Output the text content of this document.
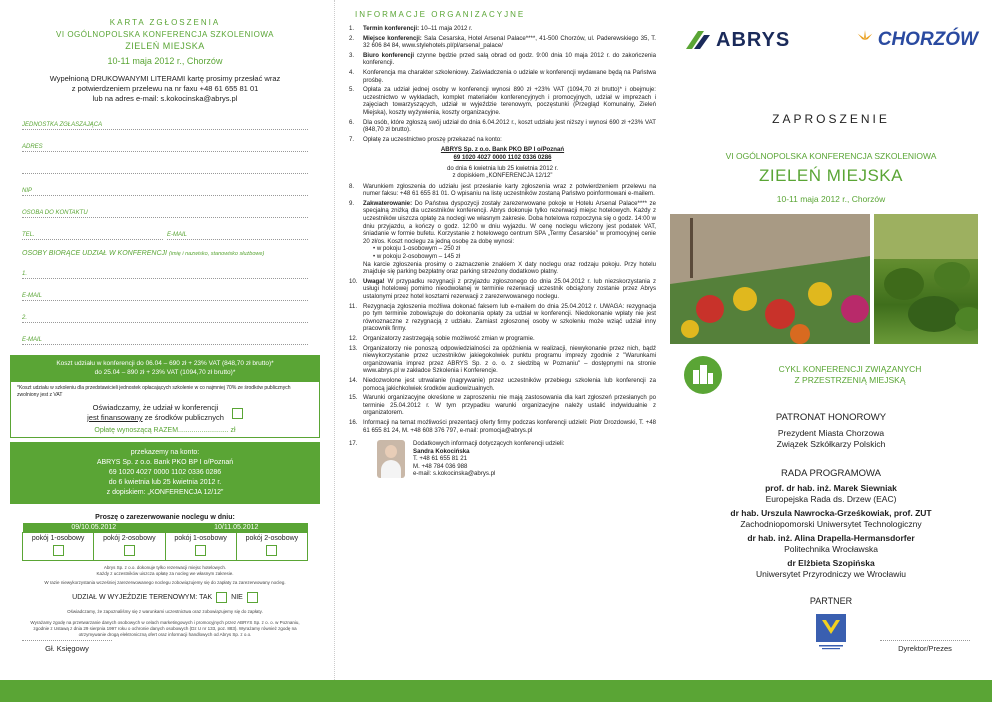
KARTA ZGŁOSZENIA
VI OGÓLNOPOLSKA KONFERENCJA SZKOLENIOWA
ZIELEŃ MIEJSKA
10-11 maja 2012 r., Chorzów
Wypełnioną DRUKOWANYMI LITERAMI kartę prosimy przesłać wraz
z potwierdzeniem przelewu na nr faxu +48 61 655 81 01
lub na adres e-mail: s.kokocinska@abrys.pl
JEDNOSTKA ZGŁASZAJĄCA
ADRES
NIP
OSOBA DO KONTAKTU
TEL.	E-MAIL
OSOBY BIORĄCE UDZIAŁ W KONFERENCJI (imię i nazwisko, stanowisko służbowe)
1.
E-MAIL
2.
E-MAIL
Koszt udziału w konferencji do 06.04 – 690 zł + 23% VAT (848,70 zł brutto)*
do 25.04 – 890 zł + 23% VAT (1094,70 zł brutto)*
*Koszt udziału w szkoleniu dla przedstawicieli jednostek opłacających szkolenie w co najmniej 70% ze środków publicznych zwolniony jest z VAT
Oświadczamy, że udział w konferencji
jest finansowany ze środków publicznych
Opłatę wynoszącą RAZEM.......................... zł
przekazemy na konto:
ABRYS Sp. z o.o. Bank PKO BP I o/Poznań
69 1020 4027 0000 1102 0336 0286
do 6 kwietnia lub 25 kwietnia 2012 r.
z dopiskiem: „KONFERENCJA 12/12”
Proszę o zarezerwowanie noclegu w dniu:
09/10.05.2012		10/11.05.2012	
pokój 1-osobowy	pokój 2-osobowy	pokój 1-osobowy	pokój 2-osobowy
Abrys Sp. z o.o. dokonuje tylko rezerwacji miejsc hotelowych.
Każdy z uczestników uiszcza opłatę za nocleg we własnym zakresie.
W razie niewykorzystania wcześniej zarezerwowanego noclegu zobowiązujemy się do zapłaty za zarezerwowany nocleg.
UDZIAŁ W WYJEŹDZIE TERENOWYM: TAK	NIE
Oświadczamy, że zapoznaliśmy się z warunkami uczestnictwa oraz zobowiązujemy się do zapłaty.
Wyrażamy zgodę na przetwarzanie danych osobowych w celach marketingowych i promocyjnych przez ABRYS Sp. z o. o. w Poznaniu, zgodnie z Ustawą z dnia 29 sierpnia 1997 roku o ochronie danych osobowych (Dz U nr 133, poz. 883). Wyrażamy również zgodę na otrzymywanie drogą elektroniczną ofert oraz informacji handlowych od Abrys Sp. z o.o.
Gł. Księgowy	Dyrektor/Prezes
INFORMACJE ORGANIZACYJNE
1.	Termin konferencji: 10–11 maja 2012 r.
2.	Miejsce konferencji: Sala Cesarska, Hotel Arsenal Palace****, 41-500 Chorzów, ul. Paderewskiego 35, T. 32 606 84 84, www.stylehotels.pl/pl/arsenal_palace/
3.	Biuro konferencji czynne będzie przed salą obrad od godz. 9:00 dnia 10 maja 2012 r. do zakończenia konferencji.
4.	Konferencja ma charakter szkoleniowy. Zaświadczenia o udziale w konferencji wydawane będą na Państwa prośbę.
5.	Opłata za udział jednej osoby w konferencji wynosi 890 zł +23% VAT (1094,70 zł brutto)* i obejmuje: uczestnictwo w wykładach, komplet materiałów konferencyjnych i promocyjnych, udział w imprezach i zajęciach towarzyszących, udział w wyjeździe terenowym, poczęstunki (Przegląd Komunalny, Zieleń Miejska), koszty wyżywienia, koszty organizacyjne.
6.	Dla osób, które zgłoszą swój udział do dnia 6.04.2012 r., koszt udziału jest niższy i wynosi 690 zł +23% VAT (848,70 zł brutto).
7.	Opłatę za uczestnictwo proszę przekazać na konto:
ABRYS Sp. z o.o. Bank PKO BP I o/Poznań
69 1020 4027 0000 1102 0336 0286
do dnia 6 kwietnia lub 25 kwietnia 2012 r.
z dopiskiem „KONFERENCJA 12/12”
8.	Warunkiem zgłoszenia do udziału jest przesłanie karty zgłoszenia wraz z potwierdzeniem przelewu na numer faksu: +48 61 655 81 01. O wpisaniu na listę uczestników zostaną Państwo poinformowani e-mailem.
9.	Zakwaterowanie: Do Państwa dyspozycji zostały zarezerwowane pokoje w Hotelu Arsenal Palace**** ze specjalną zniżką dla uczestników konferencji. Abrys dokonuje tylko rezerwacji miejsc hotelowych. Każdy z uczestników uiszcza opłatę za noclegi we własnym zakresie. Doba hotelowa rozpoczyna się o godz. 14:00 w dniu przyjazdu, a kończy o godz. 12:00 w dniu wyjazdu. W cenę noclegu wliczony jest podatek VAT, śniadanie w formie bufetu. Korzystanie z hotelowego centrum SPA „Termy Cesarskie” w promocyjnej cenie 20 zł/os. Koszt noclegu za jedną osobę za dobę wynosi:
• w pokoju 1-osobowym – 250 zł
• w pokoju 2-osobowym – 145 zł
Na karcie zgłoszenia prosimy o zaznaczenie znakiem X daty noclegu oraz rodzaju pokoju. Przy hotelu znajduje się parking bezpłatny oraz parking strzeżony dodatkowo płatny.
10. Uwaga! W przypadku rezygnacji z przyjazdu zgłoszonego do dnia 25.04.2012 r. lub niezskorzystania z usługi hotelowej pomimo nieodwołanej w terminie rezerwacji uczestnik obciążony zostanie przez Abrys ustalonymi przez hotel kosztami rezerwacji z zarezerwowanego noclegu.
11. Rezygnacja zgłoszenia możliwa dokonać faksem lub e-mailem do dnia 25.04.2012 r. UWAGA: rezygnacja po tym terminie zobowiązuje do dokonania opłaty za udział w konferencji. Niedokonanie wpłaty nie jest równoznaczne z rezygnacją z udziału. Zamiast zgłoszonej osoby w szkoleniu może wziąć udział inny pracownik firmy.
12. Organizatorzy zastrzegają sobie możliwość zmian w programie.
13. Organizatorzy nie ponoszą odpowiedzialności za opóźnienia w realizacji, niewykonanie przez nich, bądź niewykorzystanie przez uczestników jakiegokolwiek punktu programu imprezy zgodnie z "Warunkami organizowania imprez przez ABRYS Sp. z o. o. z siedzibą w Poznaniu" – dostępnymi na stronie www.abrys.pl w zakładce Szkolenia i Konferencje.
14. Niedozwolone jest utrwalanie (nagrywanie) przez uczestników przebiegu szkolenia lub konferencji za pomocą jakichkolwiek środków audiowizualnych.
15. Warunki organizacyjne określone w zaproszeniu nie mają zastosowania dla kart zgłoszeń przesłanych po terminie 25.04.2012 r. W tym przypadku warunki organizacyjne należy ustalić indywidualnie z organizatorem.
16. Informacji na temat możliwości prezentacji oferty firmy podczas konferencji udzieli: Piotr Drozdowski, T. +48 61 655 81 24, M. +48 608 376 797, e-mail: promocja@abrys.pl
17.	Dodatkowych informacji dotyczących konferencji udzieli:
Sandra Kokocińska
T. +48 61 655 81 21
M. +48 784 036 988
e-mail: s.kokocinska@abrys.pl
ABRYS	CHORZÓW
ZAPROSZENIE
VI OGÓLNOPOLSKA KONFERENCJA SZKOLENIOWA
ZIELEŃ MIEJSKA
10-11 maja 2012 r., Chorzów
CYKL KONFERENCJI ZWIĄZANYCH
Z PRZESTRZENIĄ MIEJSKĄ
PATRONAT HONOROWY
Prezydent Miasta Chorzowa
Związek Szkółkarzy Polskich
RADA PROGRAMOWA
prof. dr hab. inż. Marek Siewniak
Europejska Rada ds. Drzew (EAC)
dr hab. Urszula Nawrocka-Grześkowiak, prof. ZUT
Zachodniopomorski Uniwersytet Technologiczny
dr hab. inż. Alina Drapella-Hermansdorfer
Politechnika Wrocławska
dr Elżbieta Szopińska
Uniwersytet Przyrodniczy we Wrocławiu
PARTNER
